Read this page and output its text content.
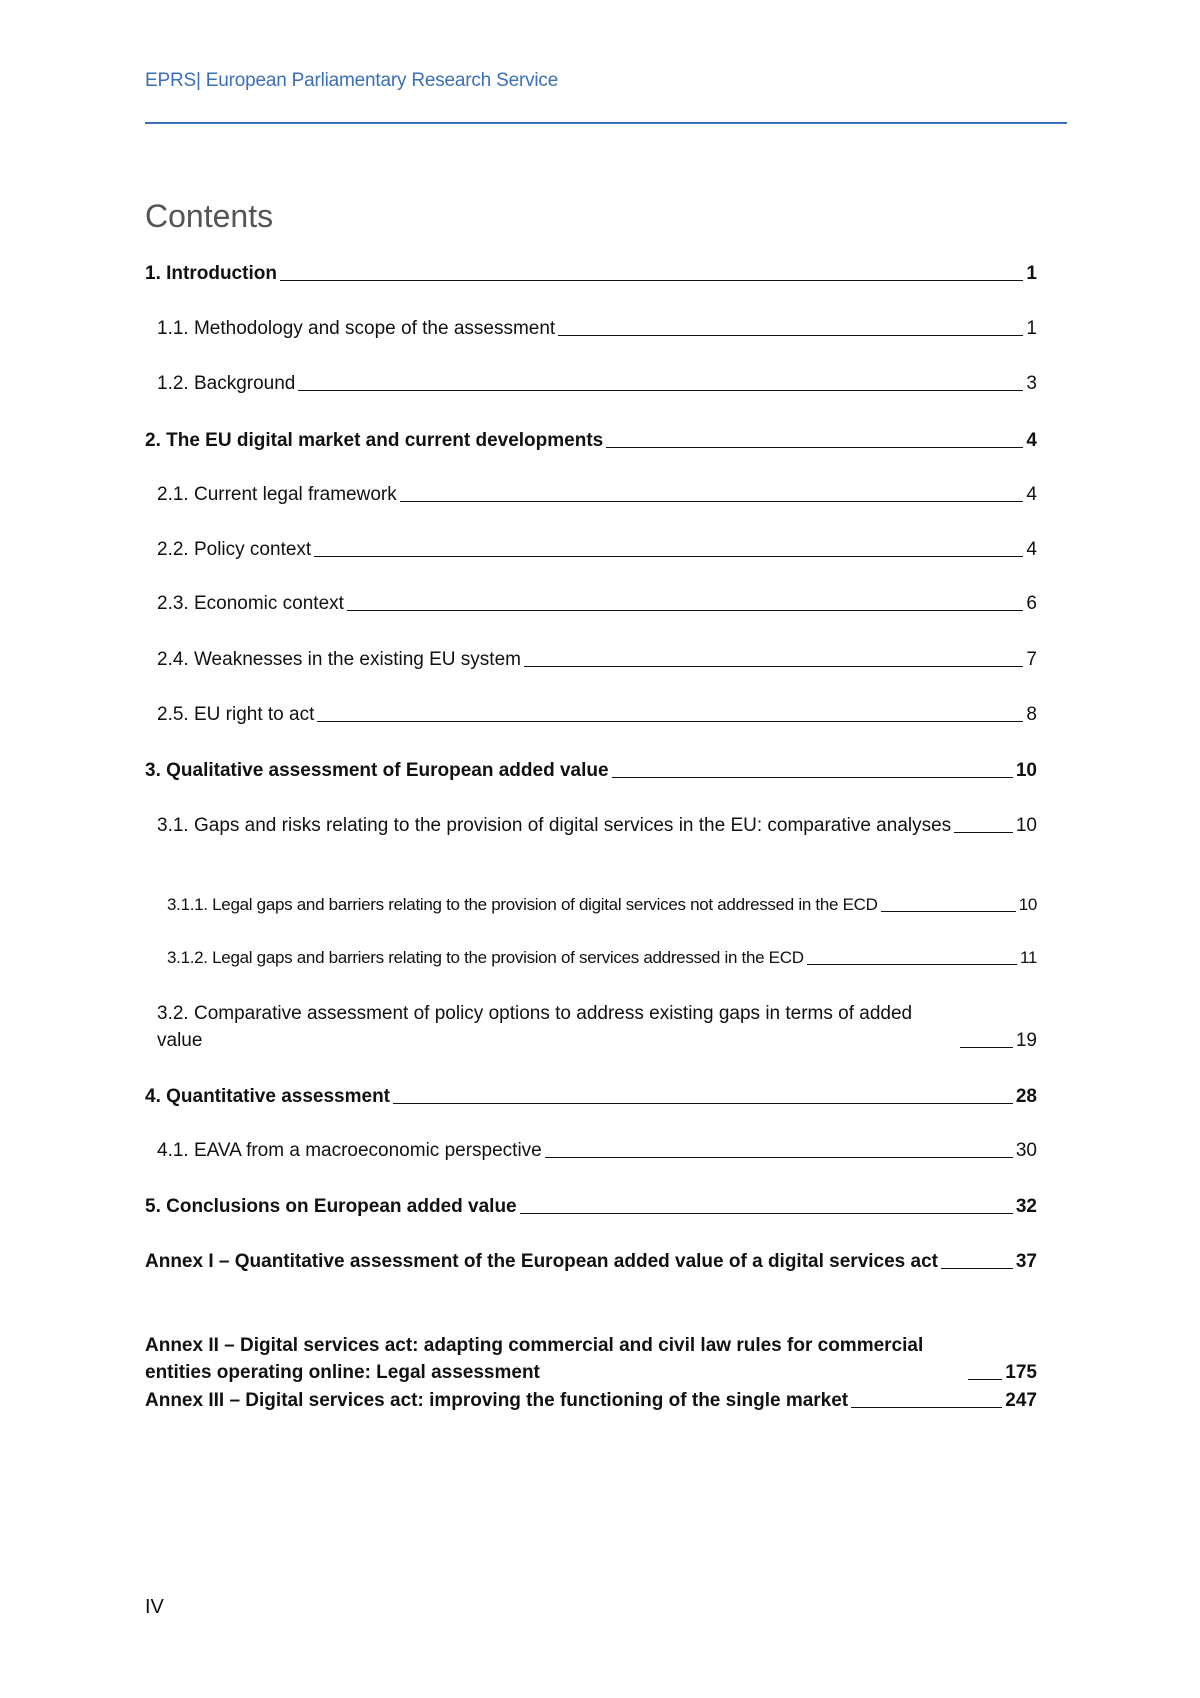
EPRS| European Parliamentary Research Service
Contents
1. Introduction	1
1.1. Methodology and scope of the assessment	1
1.2. Background	3
2. The EU digital market and current developments	4
2.1. Current legal framework	4
2.2. Policy context	4
2.3. Economic context	6
2.4. Weaknesses in the existing EU system	7
2.5. EU right to act	8
3. Qualitative assessment of European added value	10
3.1. Gaps and risks relating to the provision of digital services in the EU: comparative analyses	10
3.1.1. Legal gaps and barriers relating to the provision of digital services not addressed in the ECD	10
3.1.2. Legal gaps and barriers relating to the provision of services addressed in the ECD	11
3.2. Comparative assessment of policy options to address existing gaps in terms of added value	19
4. Quantitative assessment	28
4.1. EAVA from a macroeconomic perspective	30
5. Conclusions on European added value	32
Annex I – Quantitative assessment of the European added value of a digital services act	37
Annex II – Digital services act: adapting commercial and civil law rules for commercial entities operating online: Legal assessment	175
Annex III – Digital services act: improving the functioning of the single market	247
IV
